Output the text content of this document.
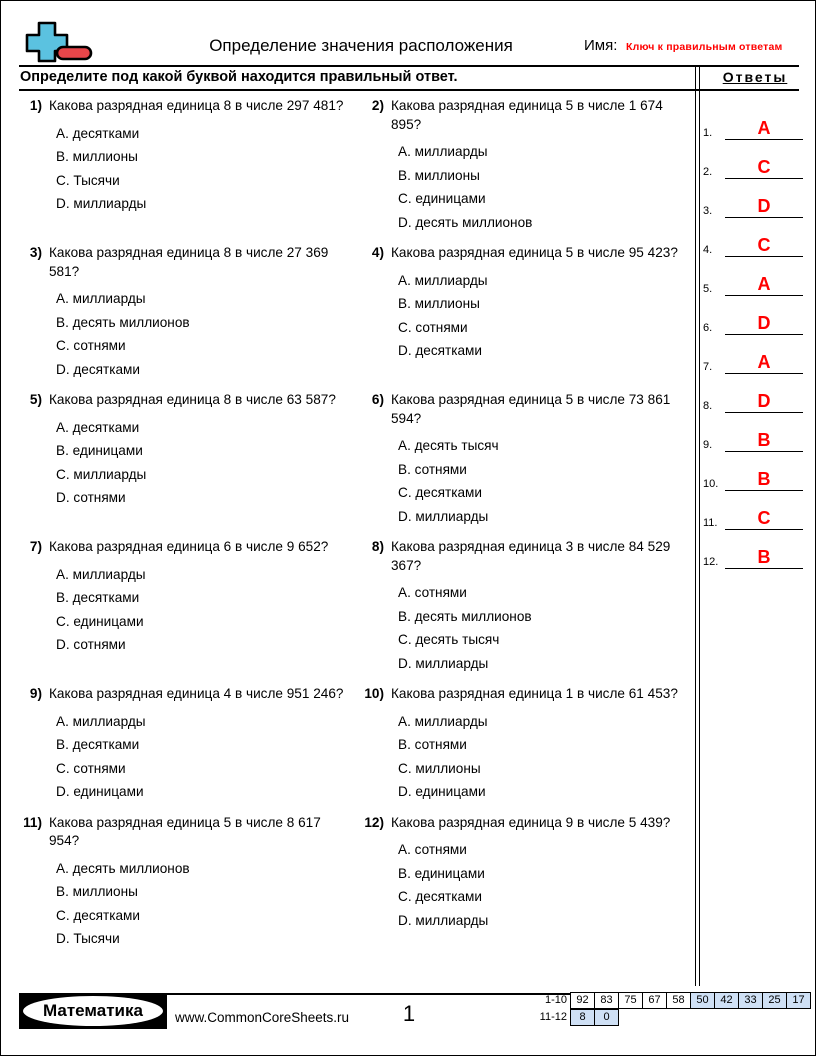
Определение значения расположения	Имя: Ключ к правильным ответам
Определите под какой буквой находится правильный ответ.
1) Какова разрядная единица 8 в числе 297 481?
A. десятками
B. миллионы
C. Тысячи
D. миллиарды
2) Какова разрядная единица 5 в числе 1 674 895?
A. миллиарды
B. миллионы
C. единицами
D. десять миллионов
3) Какова разрядная единица 8 в числе 27 369 581?
A. миллиарды
B. десять миллионов
C. сотнями
D. десятками
4) Какова разрядная единица 5 в числе 95 423?
A. миллиарды
B. миллионы
C. сотнями
D. десятками
5) Какова разрядная единица 8 в числе 63 587?
A. десятками
B. единицами
C. миллиарды
D. сотнями
6) Какова разрядная единица 5 в числе 73 861 594?
A. десять тысяч
B. сотнями
C. десятками
D. миллиарды
7) Какова разрядная единица 6 в числе 9 652?
A. миллиарды
B. десятками
C. единицами
D. сотнями
8) Какова разрядная единица 3 в числе 84 529 367?
A. сотнями
B. десять миллионов
C. десять тысяч
D. миллиарды
9) Какова разрядная единица 4 в числе 951 246?
A. миллиарды
B. десятками
C. сотнями
D. единицами
10) Какова разрядная единица 1 в числе 61 453?
A. миллиарды
B. сотнями
C. миллионы
D. единицами
11) Какова разрядная единица 5 в числе 8 617 954?
A. десять миллионов
B. миллионы
C. десятками
D. Тысячи
12) Какова разрядная единица 9 в числе 5 439?
A. сотнями
B. единицами
C. десятками
D. миллиарды
Ответы
1.	A
2.	C
3.	D
4.	C
5.	A
6.	D
7.	A
8.	D
9.	B
10.	B
11.	C
12.	B
Математика	www.CommonCoreSheets.ru	1
1-10 92	83	75	67	58	50	42	33	25	17
11-12	8	0
